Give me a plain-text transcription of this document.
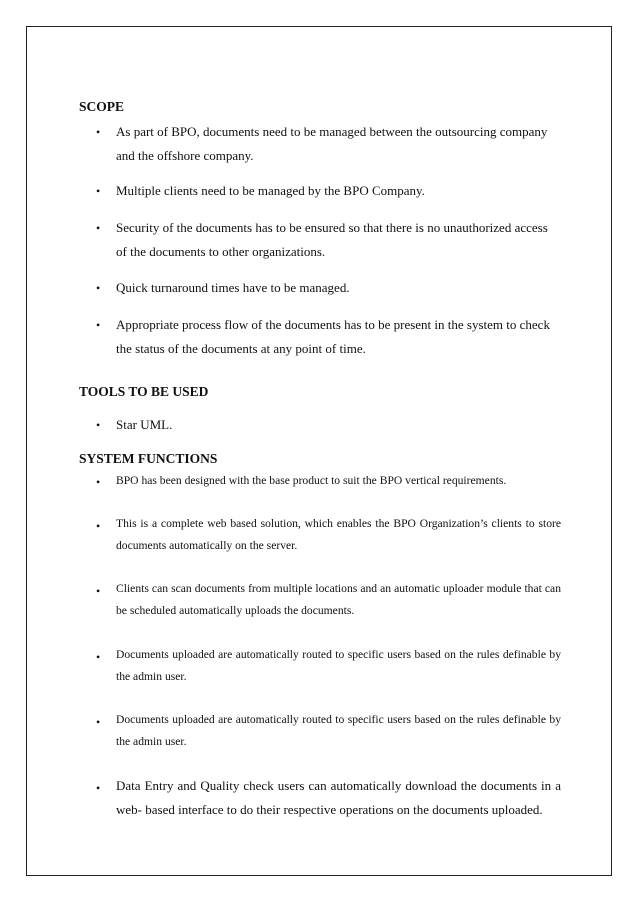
SCOPE
• As part of BPO, documents need to be managed between the outsourcing company and the offshore company.
• Multiple clients need to be managed by the BPO Company.
• Security of the documents has to be ensured so that there is no unauthorized access of the documents to other organizations.
• Quick turnaround times have to be managed.
• Appropriate process flow of the documents has to be present in the system to check the status of the documents at any point of time.
TOOLS TO BE USED
• Star UML.
SYSTEM FUNCTIONS
• BPO has been designed with the base product to suit the BPO vertical requirements.
• This is a complete web based solution, which enables the BPO Organization’s clients to store documents automatically on the server.
• Clients can scan documents from multiple locations and an automatic uploader module that can be scheduled automatically uploads the documents.
• Documents uploaded are automatically routed to specific users based on the rules definable by the admin user.
• Documents uploaded are automatically routed to specific users based on the rules definable by the admin user.
• Data Entry and Quality check users can automatically download the documents in a web- based interface to do their respective operations on the documents uploaded.
